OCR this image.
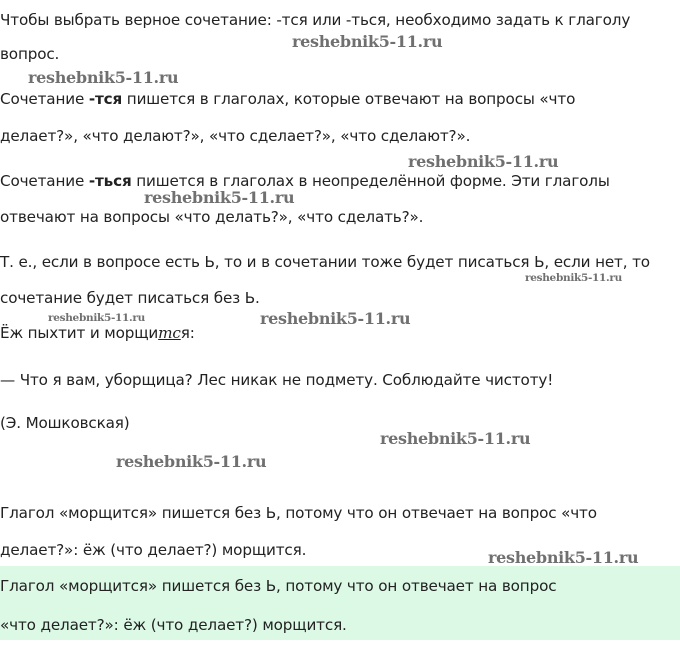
Чтобы выбрать верное сочетание: -тся или -ться, необходимо задать к глаголу
вопрос.
Сочетание -тся пишется в глаголах, которые отвечают на вопросы «что
делает?», «что делают?», «что сделает?», «что сделают?».
Сочетание -ться пишется в глаголах в неопределённой форме. Эти глаголы
отвечают на вопросы «что делать?», «что сделать?».
Т. е., если в вопросе есть Ь, то и в сочетании тоже будет писаться Ь, если нет, то
сочетание будет писаться без Ь.
Ёж пыхтит и морщится:
— Что я вам, уборщица? Лес никак не подмету. Соблюдайте чистоту!
(Э. Мошковская)
Глагол «морщится» пишется без Ь, потому что он отвечает на вопрос «что
делает?»: ёж (что делает?) морщится.
Глагол «морщится» пишется без Ь, потому что он отвечает на вопрос
«что делает?»: ёж (что делает?) морщится.
reshebnik5-11.ru
reshebnik5-11.ru
reshebnik5-11.ru
reshebnik5-11.ru
reshebnik5-11.ru
reshebnik5-11.ru	reshebnik5-11.ru
reshebnik5-11.ru
reshebnik5-11.ru
reshebnik5-11.ru
